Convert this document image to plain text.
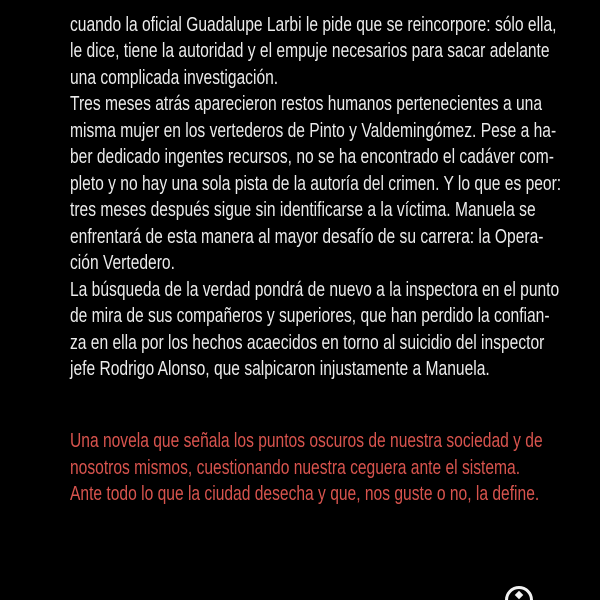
cuando la oficial Guadalupe Larbi le pide que se reincorpore: sólo ella,
le dice, tiene la autoridad y el empuje necesarios para sacar adelante
una complicada investigación.
Tres meses atrás aparecieron restos humanos pertenecientes a una
misma mujer en los vertederos de Pinto y Valdemingómez. Pese a ha-
ber dedicado ingentes recursos, no se ha encontrado el cadáver com-
pleto y no hay una sola pista de la autoría del crimen. Y lo que es peor:
tres meses después sigue sin identificarse a la víctima. Manuela se
enfrentará de esta manera al mayor desafío de su carrera: la Opera-
ción Vertedero.
La búsqueda de la verdad pondrá de nuevo a la inspectora en el punto
de mira de sus compañeros y superiores, que han perdido la confian-
za en ella por los hechos acaecidos en torno al suicidio del inspector
jefe Rodrigo Alonso, que salpicaron injustamente a Manuela.
Una novela que señala los puntos oscuros de nuestra sociedad y de
nosotros mismos, cuestionando nuestra ceguera ante el sistema.
Ante todo lo que la ciudad desecha y que, nos guste o no, la define.
